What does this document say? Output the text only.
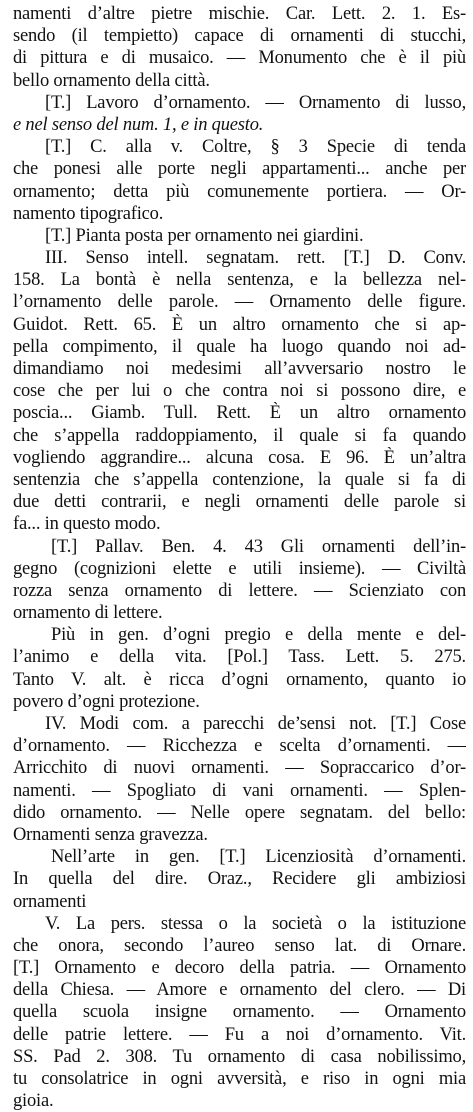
namenti d’altre pietre mischie. Car. Lett. 2. 1. Es-
sendo (il tempietto) capace di ornamenti di stucchi,
di pittura e di musaico. — Monumento che è il più
bello ornamento della città.
[T.] Lavoro d’ornamento. — Ornamento di lusso,
e nel senso del num. 1, e in questo.
[T.] C. alla v. Coltre, § 3 Specie di tenda
che ponesi alle porte negli appartamenti... anche per
ornamento; detta più comunemente portiera. — Or-
namento tipografico.
[T.] Pianta posta per ornamento nei giardini.
III. Senso intell. segnatam. rett. [T.] D. Conv.
158. La bontà è nella sentenza, e la bellezza nel-
l’ornamento delle parole. — Ornamento delle figure.
Guidot. Rett. 65. È un altro ornamento che si ap-
pella compimento, il quale ha luogo quando noi ad-
dimandiamo noi medesimi all’avversario nostro le
cose che per lui o che contra noi si possono dire, e
poscia... Giamb. Tull. Rett. È un altro ornamento
che s’appella raddoppiamento, il quale si fa quando
vogliendo aggrandire... alcuna cosa. E 96. È un’altra
sentenzia che s’appella contenzione, la quale si fa di
due detti contrarii, e negli ornamenti delle parole si
fa... in questo modo.
[T.] Pallav. Ben. 4. 43 Gli ornamenti dell’in-
gegno (cognizioni elette e utili insieme). — Civiltà
rozza senza ornamento di lettere. — Scienziato con
ornamento di lettere.
Più in gen. d’ogni pregio e della mente e del-
l’animo e della vita. [Pol.] Tass. Lett. 5. 275.
Tanto V. alt. è ricca d’ogni ornamento, quanto io
povero d’ogni protezione.
IV. Modi com. a parecchi de’sensi not. [T.] Cose
d’ornamento. — Ricchezza e scelta d’ornamenti. —
Arricchito di nuovi ornamenti. — Sopraccarico d’or-
namenti. — Spogliato di vani ornamenti. — Splen-
dido ornamento. — Nelle opere segnatam. del bello:
Ornamenti senza gravezza.
Nell’arte in gen. [T.] Licenziosità d’ornamenti.
In quella del dire. Oraz., Recidere gli ambiziosi
ornamenti
V. La pers. stessa o la società o la istituzione
che onora, secondo l’aureo senso lat. di Ornare.
[T.] Ornamento e decoro della patria. — Ornamento
della Chiesa. — Amore e ornamento del clero. — Di
quella scuola insigne ornamento. — Ornamento
delle patrie lettere. — Fu a noi d’ornamento. Vit.
SS. Pad 2. 308. Tu ornamento di casa nobilissimo,
tu consolatrice in ogni avversità, e riso in ogni mia
gioia.
